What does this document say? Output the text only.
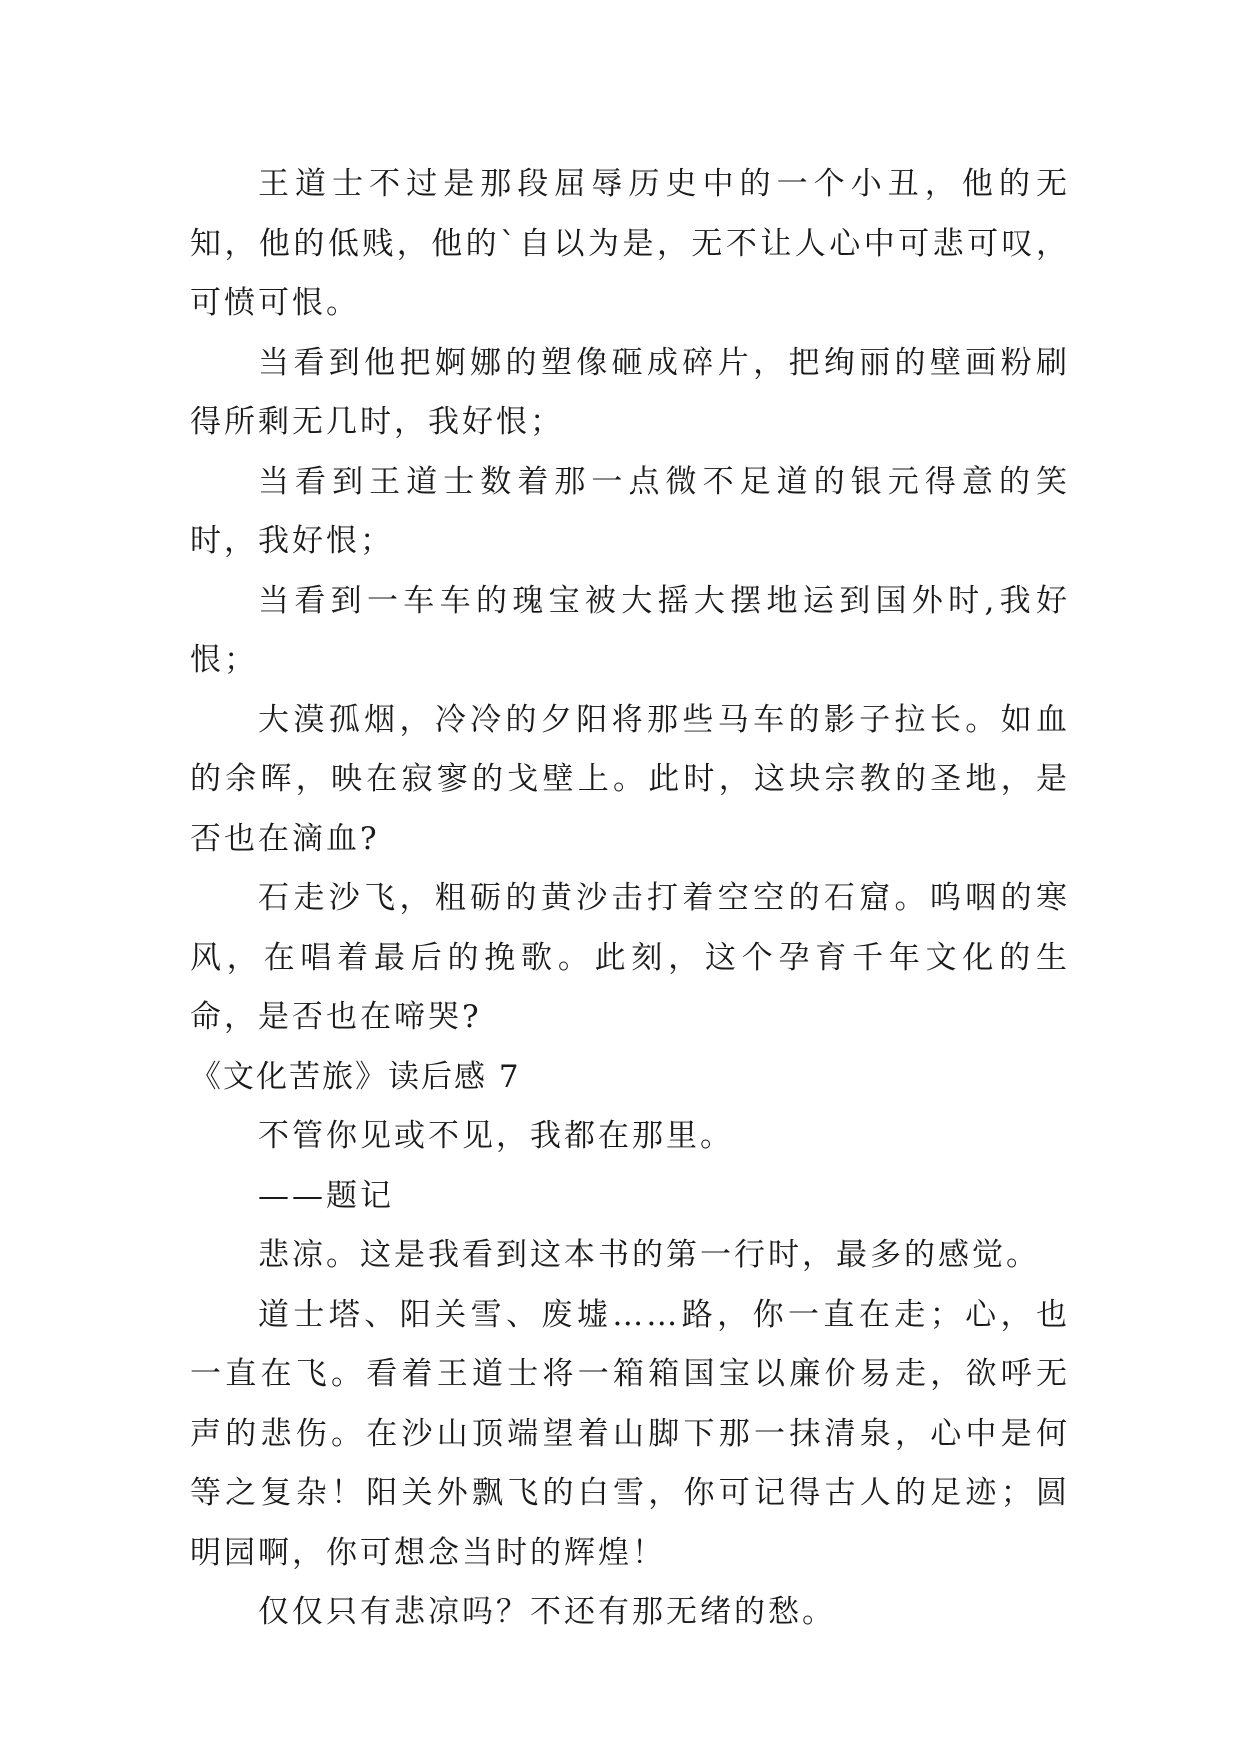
王道士不过是那段屈辱历史中的一个小丑，他的无知，他的低贱，他的`自以为是，无不让人心中可悲可叹，可愤可恨。

当看到他把婀娜的塑像砸成碎片，把绚丽的壁画粉刷得所剩无几时，我好恨；

当看到王道士数着那一点微不足道的银元得意的笑时，我好恨；

当看到一车车的瑰宝被大摇大摆地运到国外时,我好恨；

大漠孤烟，冷冷的夕阳将那些马车的影子拉长。如血的余晖，映在寂寥的戈壁上。此时，这块宗教的圣地，是否也在滴血?

石走沙飞，粗砺的黄沙击打着空空的石窟。呜咽的寒风，在唱着最后的挽歌。此刻，这个孕育千年文化的生命，是否也在啼哭?

《文化苦旅》读后感 7

不管你见或不见，我都在那里。

——题记

悲凉。这是我看到这本书的第一行时，最多的感觉。

道士塔、阳关雪、废墟……路，你一直在走；心，也一直在飞。看着王道士将一箱箱国宝以廉价易走，欲呼无声的悲伤。在沙山顶端望着山脚下那一抹清泉，心中是何等之复杂！阳关外飘飞的白雪，你可记得古人的足迹；圆明园啊，你可想念当时的辉煌！

仅仅只有悲凉吗？不还有那无绪的愁。
